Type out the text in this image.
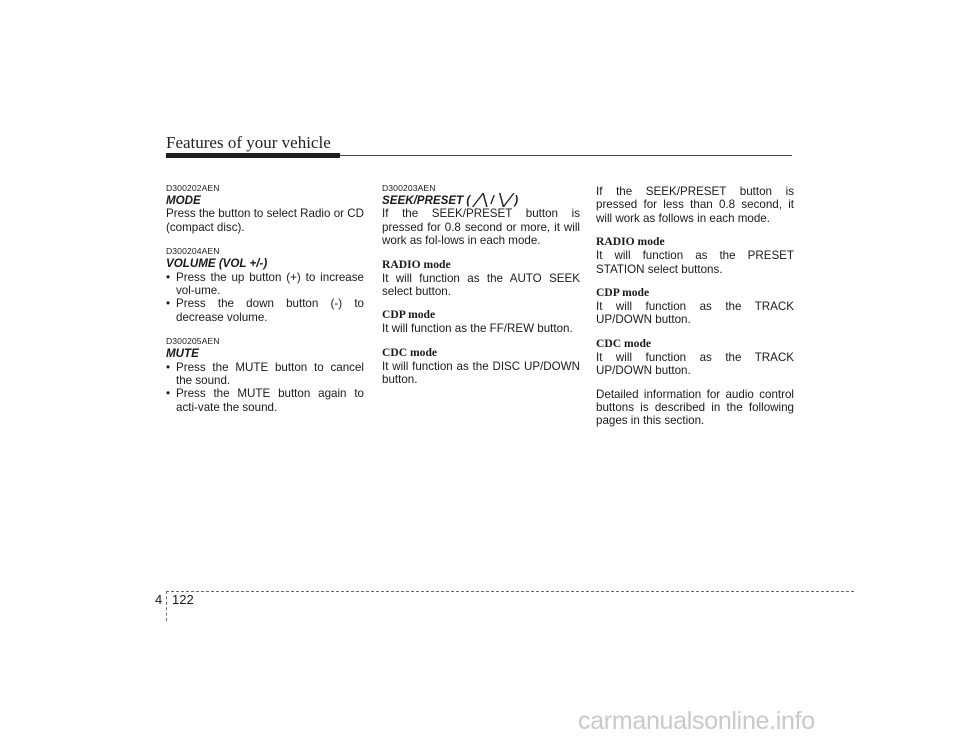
Features of your vehicle

D300202AEN

MODE

Press the button to select Radio or CD (compact disc).

D300204AEN

VOLUME (VOL +/-)

• Press the up button (+) to increase vol-ume.
• Press the down button (-) to decrease volume.

D300205AEN

MUTE

• Press the MUTE button to cancel the sound.
• Press the MUTE button again to acti-vate the sound.

D300203AEN

SEEK/PRESET ( ╱╲ / ╲╱ )

If the SEEK/PRESET button is pressed for 0.8 second or more, it will work as fol-lows in each mode.

RADIO mode

It will function as the AUTO SEEK select button.

CDP mode

It will function as the FF/REW button.

CDC mode

It will function as the DISC UP/DOWN button.

If the SEEK/PRESET button is pressed for less than 0.8 second, it will work as follows in each mode.

RADIO mode

It will function as the PRESET STATION select buttons.

CDP mode

It will function as the TRACK UP/DOWN button.

CDC mode

It will function as the TRACK UP/DOWN button.

Detailed information for audio control buttons is described in the following pages in this section.

4 122
carmanualsonline.info
